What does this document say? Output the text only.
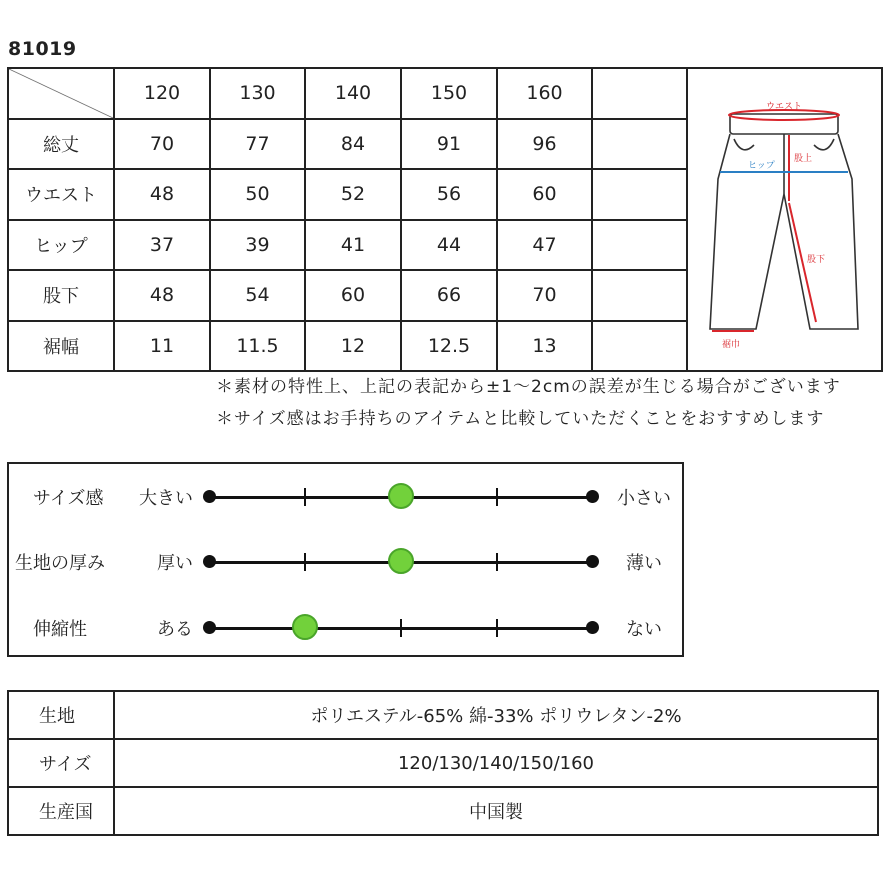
81019
	120	130	140	150	160		ウエスト
ヒップ
股上
股下
裾巾

総丈	70	77	84	91	96		
ウエスト	48	50	52	56	60		
ヒップ	37	39	41	44	47		
股下	48	54	60	66	70		
裾幅	11	11.5	12	12.5	13		
＊素材の特性上、上記の表記から±1〜2cmの誤差が生じる場合がございます
＊サイズ感はお手持ちのアイテムと比較していただくことをおすすめします
サイズ感	大きい	小さい
生地の厚み	厚い	薄い
伸縮性	ある	ない
生地	ポリエステル-65% 綿-33% ポリウレタン-2%
サイズ	120/130/140/150/160
生産国	中国製
